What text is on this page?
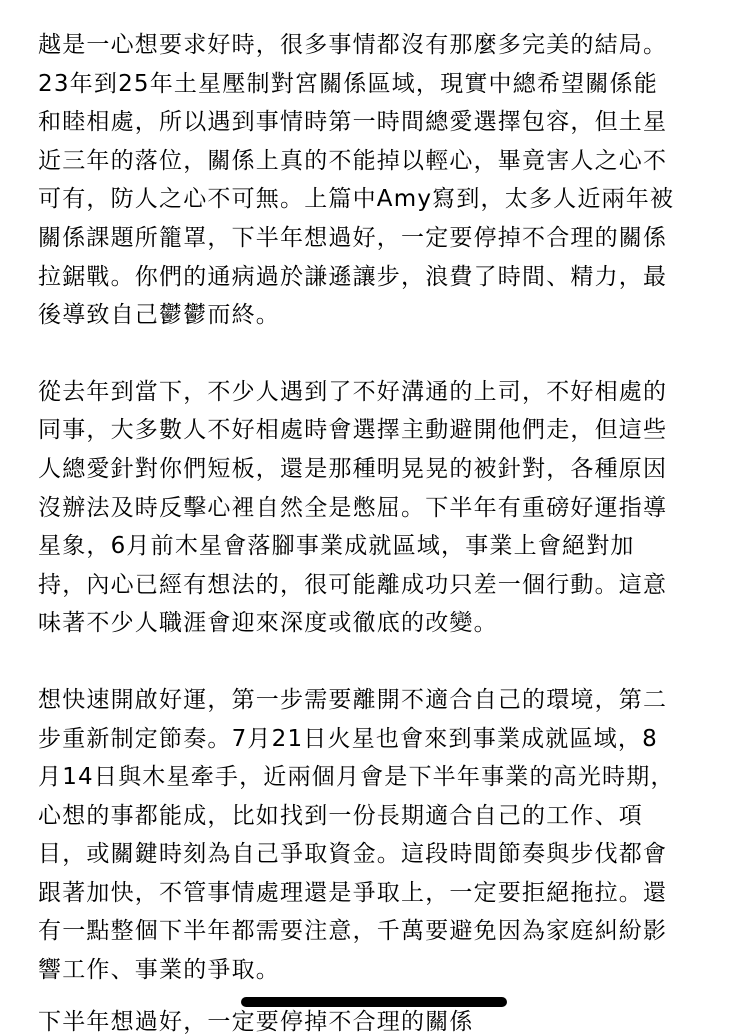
越是一心想要求好時，很多事情都沒有那麼多完美的結局。
23年到25年土星壓制對宮關係區域，現實中總希望關係能
和睦相處，所以遇到事情時第一時間總愛選擇包容，但土星
近三年的落位，關係上真的不能掉以輕心，畢竟害人之心不
可有，防人之心不可無。上篇中Amy寫到，太多人近兩年被
關係課題所籠罩，下半年想過好，一定要停掉不合理的關係
拉鋸戰。你們的通病過於謙遜讓步，浪費了時間、精力，最
後導致自己鬱鬱而終。

從去年到當下，不少人遇到了不好溝通的上司，不好相處的
同事，大多數人不好相處時會選擇主動避開他們走，但這些
人總愛針對你們短板，還是那種明晃晃的被針對，各種原因
沒辦法及時反擊心裡自然全是憋屈。下半年有重磅好運指導
星象，6月前木星會落腳事業成就區域，事業上會絕對加
持，內心已經有想法的，很可能離成功只差一個行動。這意
味著不少人職涯會迎來深度或徹底的改變。

想快速開啟好運，第一步需要離開不適合自己的環境，第二
步重新制定節奏。7月21日火星也會來到事業成就區域，8
月14日與木星牽手，近兩個月會是下半年事業的高光時期，
心想的事都能成，比如找到一份長期適合自己的工作、項
目，或關鍵時刻為自己爭取資金。這段時間節奏與步伐都會
跟著加快，不管事情處理還是爭取上，一定要拒絕拖拉。還
有一點整個下半年都需要注意，千萬要避免因為家庭糾紛影
響工作、事業的爭取。

下半年想過好，一定要停掉不合理的關係
